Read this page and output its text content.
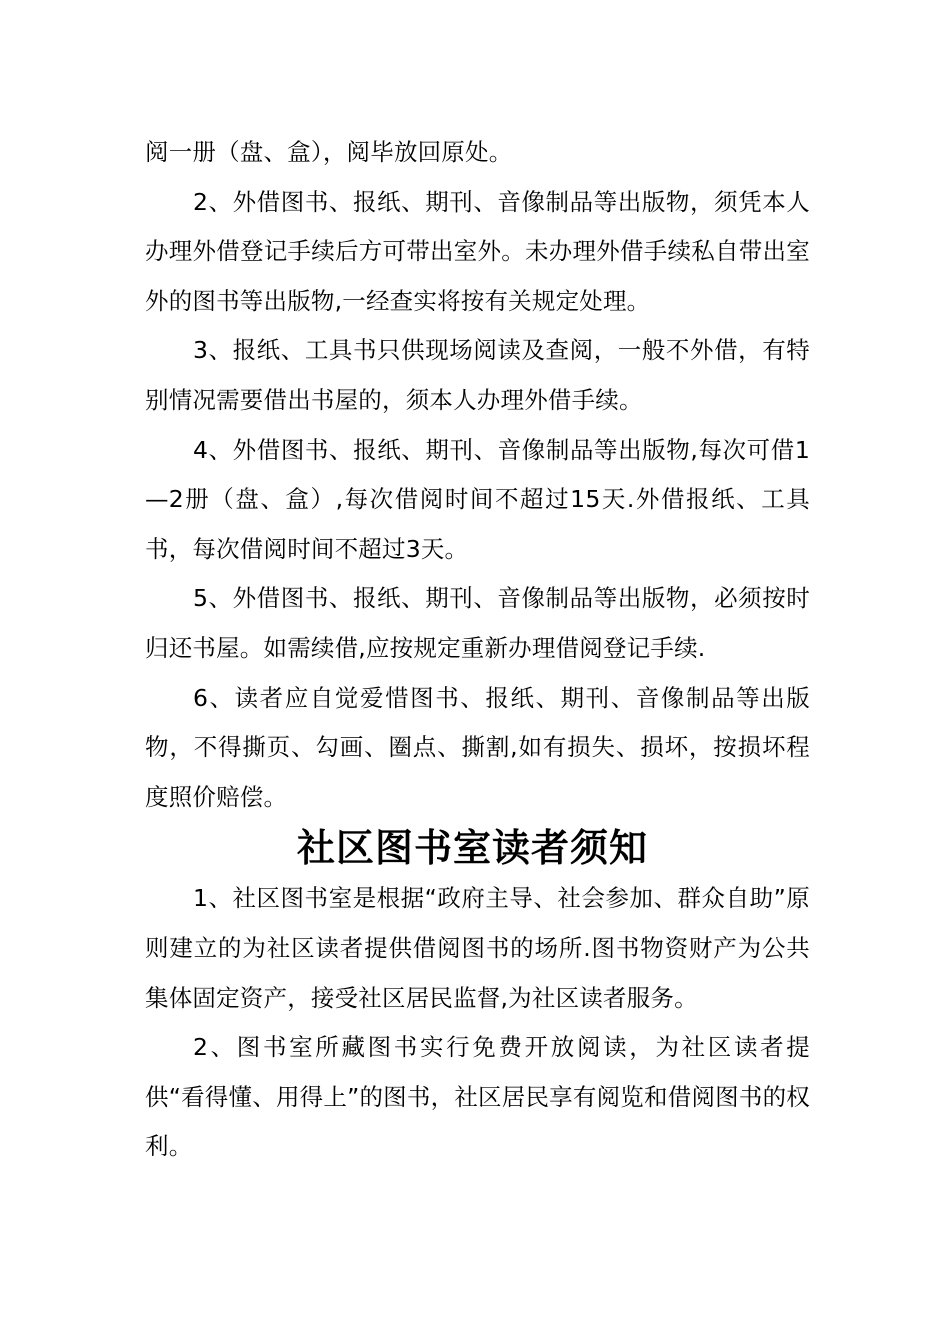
阅一册（盘、盒），阅毕放回原处。

2、外借图书、报纸、期刊、音像制品等出版物，须凭本人办理外借登记手续后方可带出室外。未办理外借手续私自带出室外的图书等出版物,一经查实将按有关规定处理。

3、报纸、工具书只供现场阅读及查阅，一般不外借，有特别情况需要借出书屋的，须本人办理外借手续。

4、外借图书、报纸、期刊、音像制品等出版物,每次可借1—2册（盘、盒）,每次借阅时间不超过15天.外借报纸、工具书，每次借阅时间不超过3天。

5、外借图书、报纸、期刊、音像制品等出版物，必须按时归还书屋。如需续借,应按规定重新办理借阅登记手续.

6、读者应自觉爱惜图书、报纸、期刊、音像制品等出版物，不得撕页、勾画、圈点、撕割,如有损失、损坏，按损坏程度照价赔偿。

社区图书室读者须知

1、社区图书室是根据“政府主导、社会参加、群众自助”原则建立的为社区读者提供借阅图书的场所.图书物资财产为公共集体固定资产，接受社区居民监督,为社区读者服务。

2、图书室所藏图书实行免费开放阅读，为社区读者提供“看得懂、用得上”的图书，社区居民享有阅览和借阅图书的权利。
